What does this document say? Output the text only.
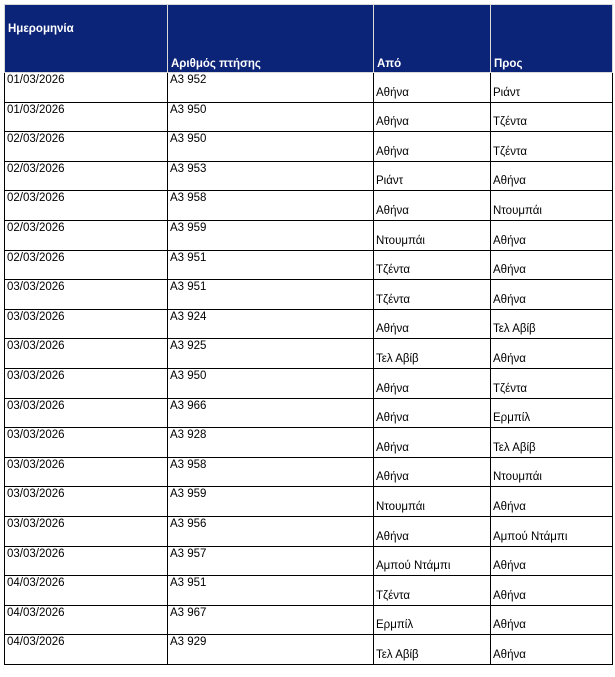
Ημερομηνία	Αριθμός πτήσης	Από	Προς
01/03/2026	A3 952	Αθήνα	Ριάντ
01/03/2026	A3 950	Αθήνα	Τζέντα
02/03/2026	A3 950	Αθήνα	Τζέντα
02/03/2026	A3 953	Ριάντ	Αθήνα
02/03/2026	A3 958	Αθήνα	Ντουμπάι
02/03/2026	A3 959	Ντουμπάι	Αθήνα
02/03/2026	A3 951	Τζέντα	Αθήνα
03/03/2026	A3 951	Τζέντα	Αθήνα
03/03/2026	A3 924	Αθήνα	Τελ Αβίβ
03/03/2026	A3 925	Τελ Αβίβ	Αθήνα
03/03/2026	A3 950	Αθήνα	Τζέντα
03/03/2026	A3 966	Αθήνα	Ερμπίλ
03/03/2026	A3 928	Αθήνα	Τελ Αβίβ
03/03/2026	A3 958	Αθήνα	Ντουμπάι
03/03/2026	A3 959	Ντουμπάι	Αθήνα
03/03/2026	A3 956	Αθήνα	Αμπού Ντάμπι
03/03/2026	A3 957	Αμπού Ντάμπι	Αθήνα
04/03/2026	A3 951	Τζέντα	Αθήνα
04/03/2026	A3 967	Ερμπίλ	Αθήνα
04/03/2026	A3 929	Τελ Αβίβ	Αθήνα
